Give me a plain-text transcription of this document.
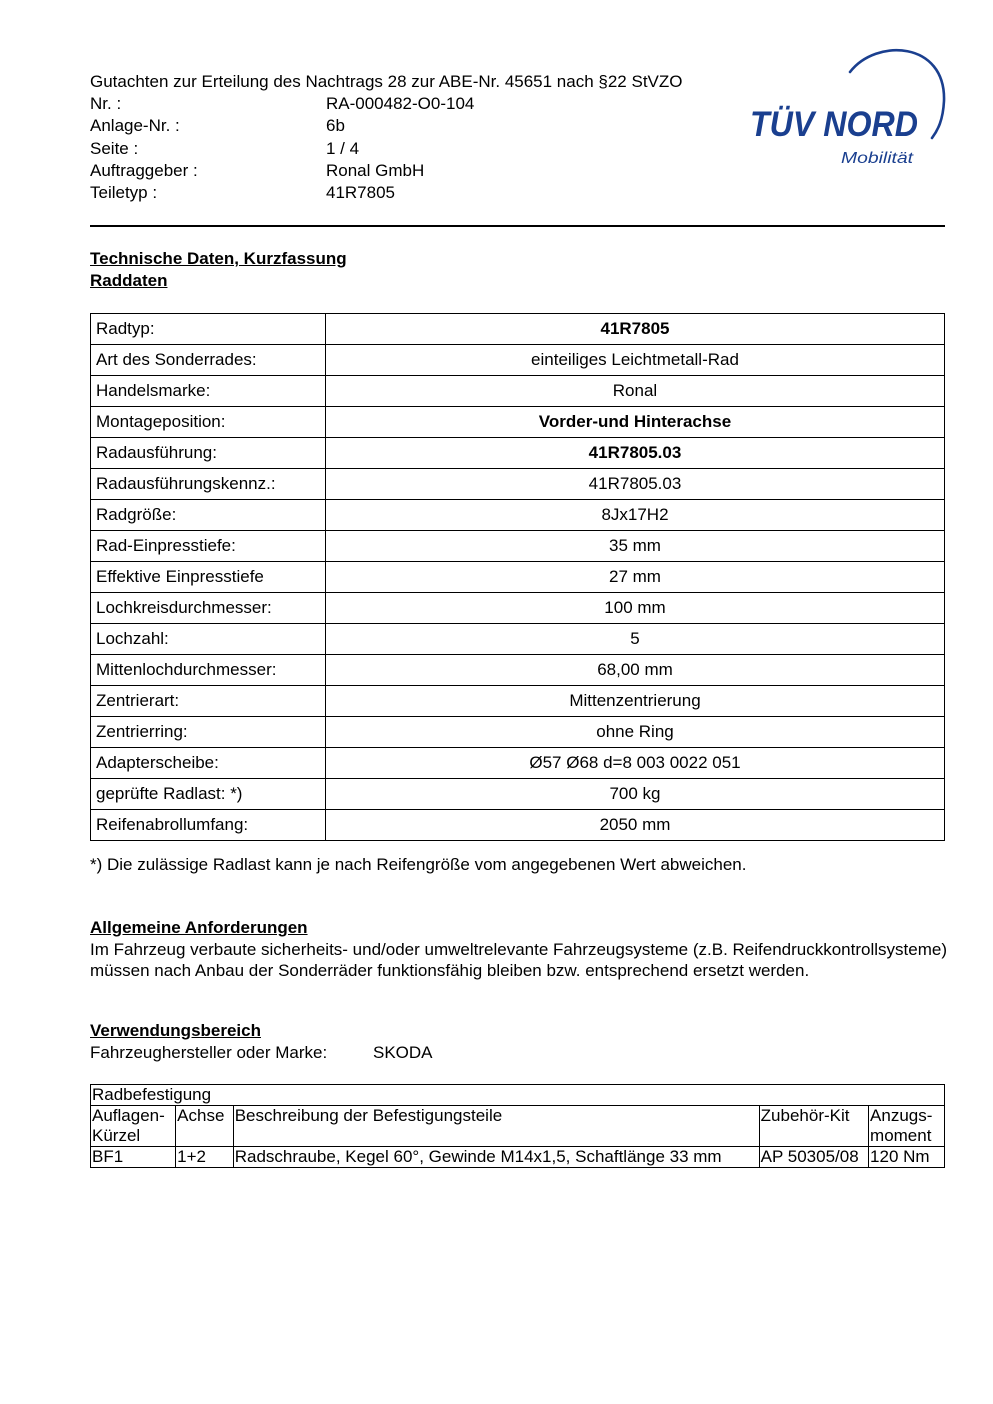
Gutachten zur Erteilung des Nachtrags 28 zur ABE-Nr. 45651 nach §22 StVZO
Nr. :	RA-000482-O0-104
Anlage-Nr. :	6b
Seite :	1 / 4
Auftraggeber :	Ronal GmbH
Teiletyp :	41R7805
TÜV NORD
Mobilität
Technische Daten, Kurzfassung
Raddaten
Radtyp:	41R7805
Art des Sonderrades:	einteiliges Leichtmetall-Rad
Handelsmarke:	Ronal
Montageposition:	Vorder-und Hinterachse
Radausführung:	41R7805.03
Radausführungskennz.:	41R7805.03
Radgröße:	8Jx17H2
Rad-Einpresstiefe:	35 mm
Effektive Einpresstiefe	27 mm
Lochkreisdurchmesser:	100 mm
Lochzahl:	5
Mittenlochdurchmesser:	68,00 mm
Zentrierart:	Mittenzentrierung
Zentrierring:	ohne Ring
Adapterscheibe:	Ø57 Ø68 d=8 003 0022 051
geprüfte Radlast: *)	700 kg
Reifenabrollumfang:	2050 mm
*) Die zulässige Radlast kann je nach Reifengröße vom angegebenen Wert abweichen.
Allgemeine Anforderungen
Im Fahrzeug verbaute sicherheits- und/oder umweltrelevante Fahrzeugsysteme (z.B. Reifendruckkontrollsysteme) müssen nach Anbau der Sonderräder funktionsfähig bleiben bzw. entsprechend ersetzt werden.
Verwendungsbereich
Fahrzeughersteller oder Marke:	SKODA
Radbefestigung				
Auflagen-
Kürzel	Achse	Beschreibung der Befestigungsteile	Zubehör-Kit	Anzugs-
moment
BF1	1+2	Radschraube, Kegel 60°, Gewinde M14x1,5, Schaftlänge 33 mm	AP 50305/08	120 Nm
